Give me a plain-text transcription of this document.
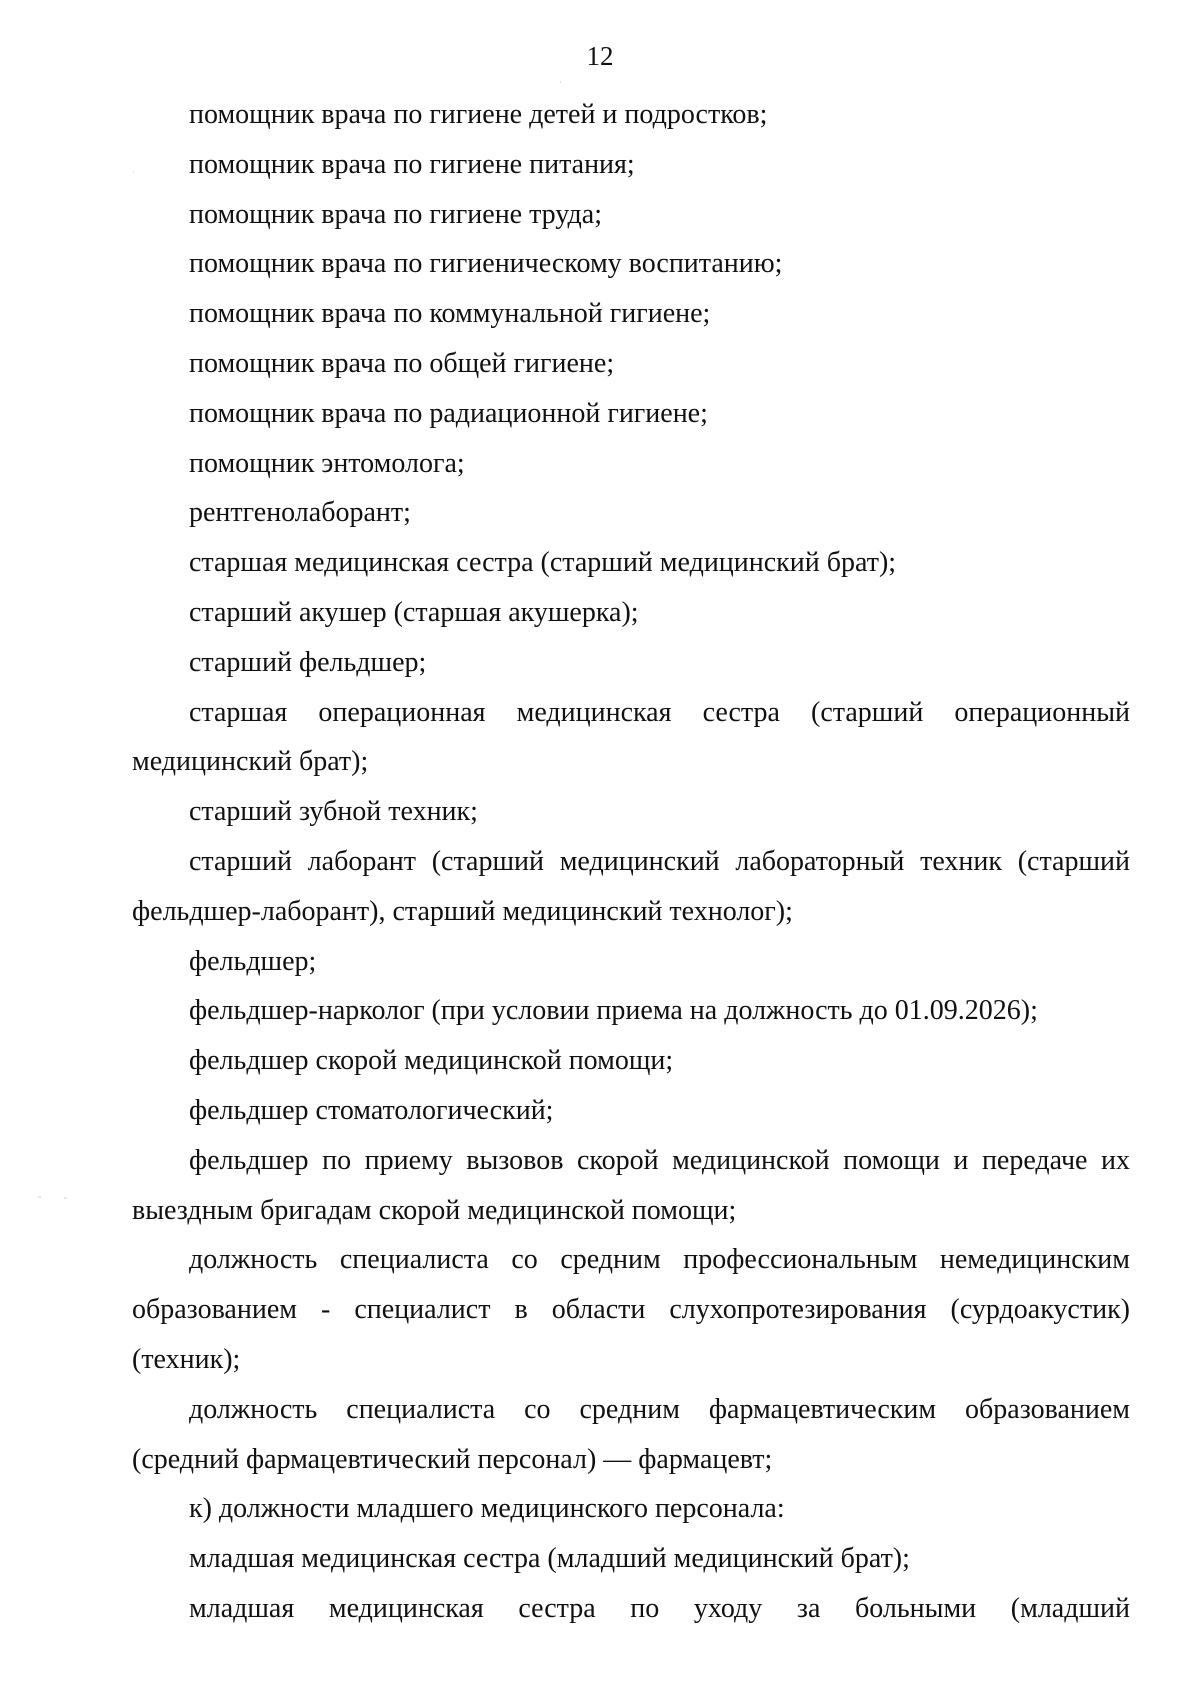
12

помощник врача по гигиене детей и подростков;

помощник врача по гигиене питания;

помощник врача по гигиене труда;

помощник врача по гигиеническому воспитанию;

помощник врача по коммунальной гигиене;

помощник врача по общей гигиене;

помощник врача по радиационной гигиене;

помощник энтомолога;

рентгенолаборант;

старшая медицинская сестра (старший медицинский брат);

старший акушер (старшая акушерка);

старший фельдшер;

старшая операционная медицинская сестра (старший операционный медицинский брат);

старший зубной техник;

старший лаборант (старший медицинский лабораторный техник (старший фельдшер-лаборант), старший медицинский технолог);

фельдшер;

фельдшер-нарколог (при условии приема на должность до 01.09.2026);

фельдшер скорой медицинской помощи;

фельдшер стоматологический;

фельдшер по приему вызовов скорой медицинской помощи и передаче их выездным бригадам скорой медицинской помощи;

должность специалиста со средним профессиональным немедицинским образованием - специалист в области слухопротезирования (сурдоакустик) (техник);

должность специалиста со средним фармацевтическим образованием (средний фармацевтический персонал) — фармацевт;

к) должности младшего медицинского персонала:

младшая медицинская сестра (младший медицинский брат);

младшая медицинская сестра по уходу за больными (младший
